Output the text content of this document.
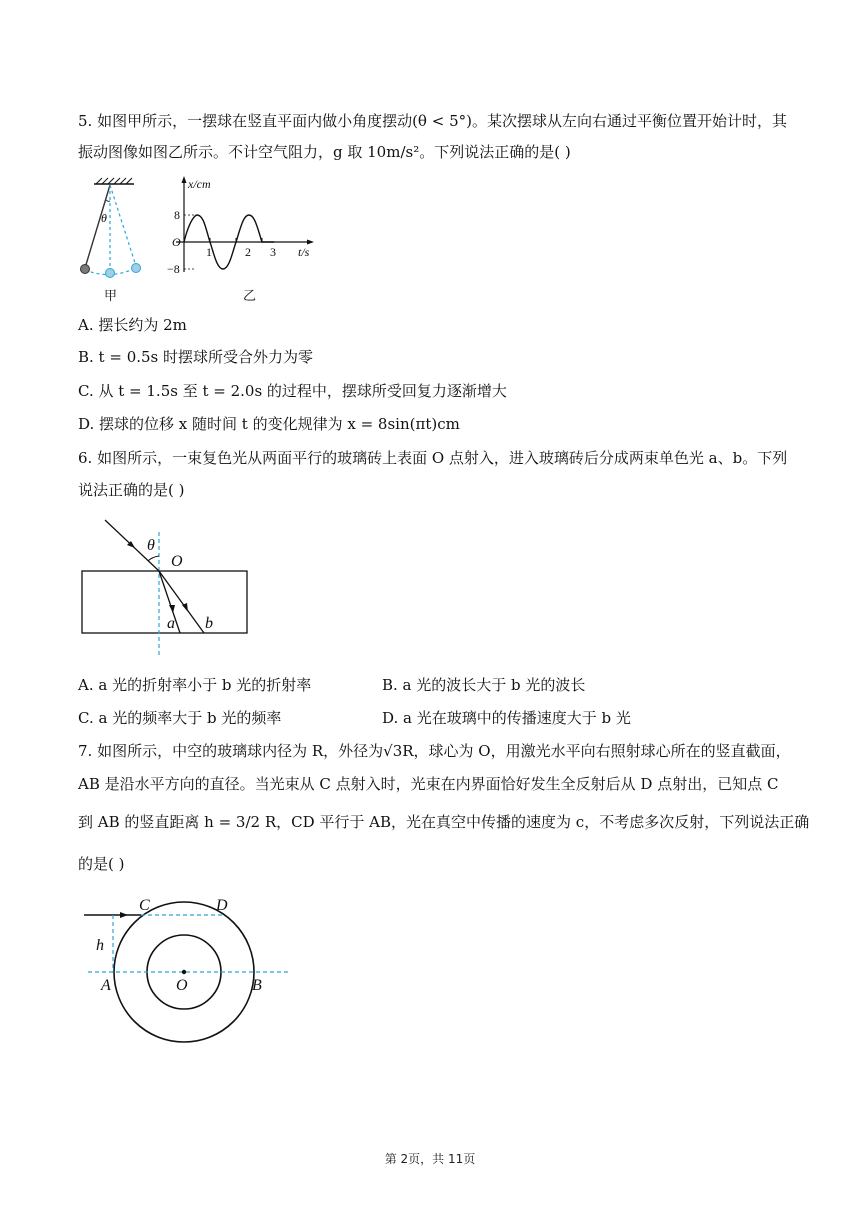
5. 如图甲所示，一摆球在竖直平面内做小角度摆动(θ < 5°)。某次摆球从左向右通过平衡位置开始计时，其
振动图像如图乙所示。不计空气阻力，g 取 10m/s²。下列说法正确的是( )
θ
甲
x/cm
t/s
O
8
−8
1	2 3
乙
A. 摆长约为 2m
B. t = 0.5s 时摆球所受合外力为零
C. 从 t = 1.5s 至 t = 2.0s 的过程中，摆球所受回复力逐渐增大
D. 摆球的位移 x 随时间 t 的变化规律为 x = 8sin(πt)cm
6. 如图所示，一束复色光从两面平行的玻璃砖上表面 O 点射入，进入玻璃砖后分成两束单色光 a、b。下列
说法正确的是( )
θ
O
a b
A. a 光的折射率小于 b 光的折射率	B. a 光的波长大于 b 光的波长
C. a 光的频率大于 b 光的频率	D. a 光在玻璃中的传播速度大于 b 光
7. 如图所示，中空的玻璃球内径为 R，外径为√3R，球心为 O，用激光水平向右照射球心所在的竖直截面，
AB 是沿水平方向的直径。当光束从 C 点射入时，光束在内界面恰好发生全反射后从 D 点射出，已知点 C
到 AB 的竖直距离 h = 3/2 R，CD 平行于 AB，光在真空中传播的速度为 c，不考虑多次反射，下列说法正确
的是( )
C	D
h
A	O	B
第 2页，共 11页
